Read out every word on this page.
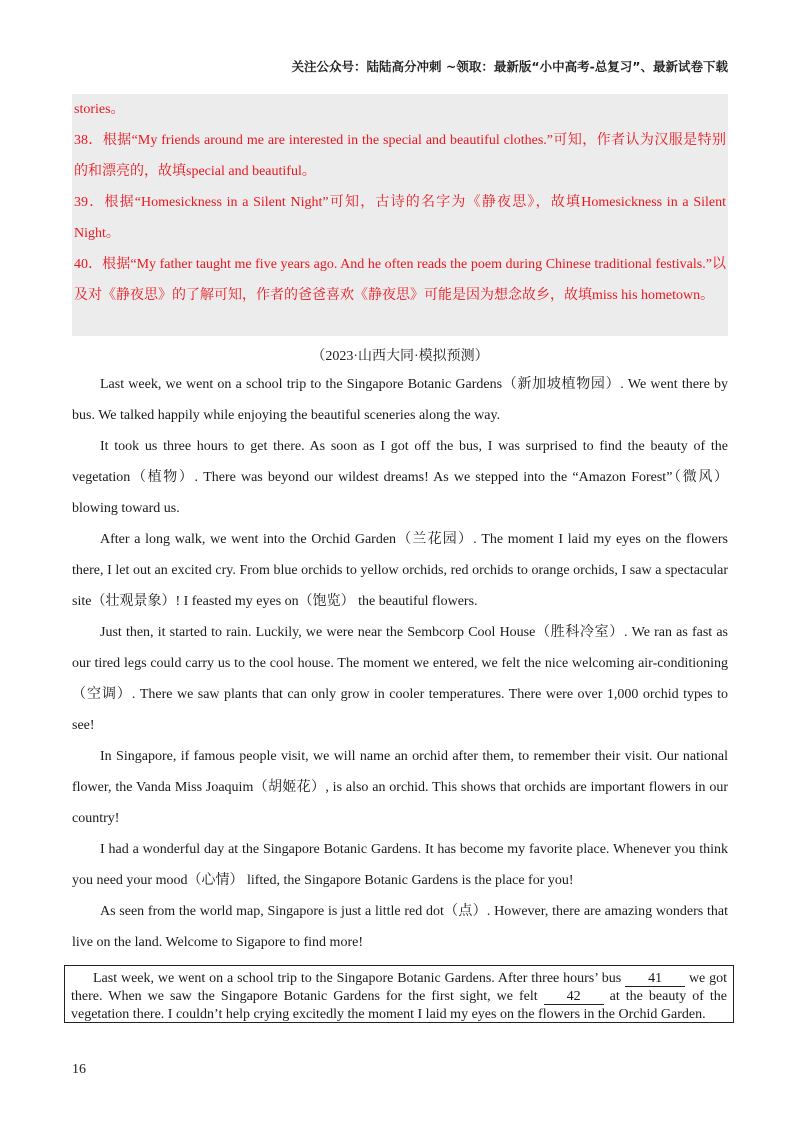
关注公众号：陆陆高分冲刺 ~领取：最新版“小中高考-总复习”、最新试卷下载

stories。

38．根据“My friends around me are interested in the special and beautiful clothes.”可知，作者认为汉服是特别的和漂亮的，故填special and beautiful。

39．根据“Homesickness in a Silent Night”可知，古诗的名字为《静夜思》，故填Homesickness in a Silent Night。

40．根据“My father taught me five years ago. And he often reads the poem during Chinese traditional festivals.”以及对《静夜思》的了解可知，作者的爸爸喜欢《静夜思》可能是因为想念故乡，故填miss his hometown。

（2023·山西大同·模拟预测）

Last week, we went on a school trip to the Singapore Botanic Gardens（新加坡植物园）. We went there by bus. We talked happily while enjoying the beautiful sceneries along the way.

It took us three hours to get there. As soon as I got off the bus, I was surprised to find the beauty of the vegetation（植物）. There was beyond our wildest dreams! As we stepped into the “Amazon Forest”（微风）blowing toward us.

After a long walk, we went into the Orchid Garden（兰花园）. The moment I laid my eyes on the flowers there, I let out an excited cry. From blue orchids to yellow orchids, red orchids to orange orchids, I saw a spectacular site（壮观景象）! I feasted my eyes on（饱览） the beautiful flowers.

Just then, it started to rain. Luckily, we were near the Sembcorp Cool House（胜科冷室）. We ran as fast as our tired legs could carry us to the cool house. The moment we entered, we felt the nice welcoming air-conditioning（空调）. There we saw plants that can only grow in cooler temperatures. There were over 1,000 orchid types to see!

In Singapore, if famous people visit, we will name an orchid after them, to remember their visit. Our national flower, the Vanda Miss Joaquim（胡姬花）, is also an orchid. This shows that orchids are important flowers in our country!

I had a wonderful day at the Singapore Botanic Gardens. It has become my favorite place. Whenever you think you need your mood（心情） lifted, the Singapore Botanic Gardens is the place for you!

As seen from the world map, Singapore is just a little red dot（点）. However, there are amazing wonders that live on the land. Welcome to Sigapore to find more!

Last week, we went on a school trip to the Singapore Botanic Gardens. After three hours’ bus 41 we got there. When we saw the Singapore Botanic Gardens for the first sight, we felt 42 at the beauty of the vegetation there. I couldn’t help crying excitedly the moment I laid my eyes on the flowers in the Orchid Garden.

16
